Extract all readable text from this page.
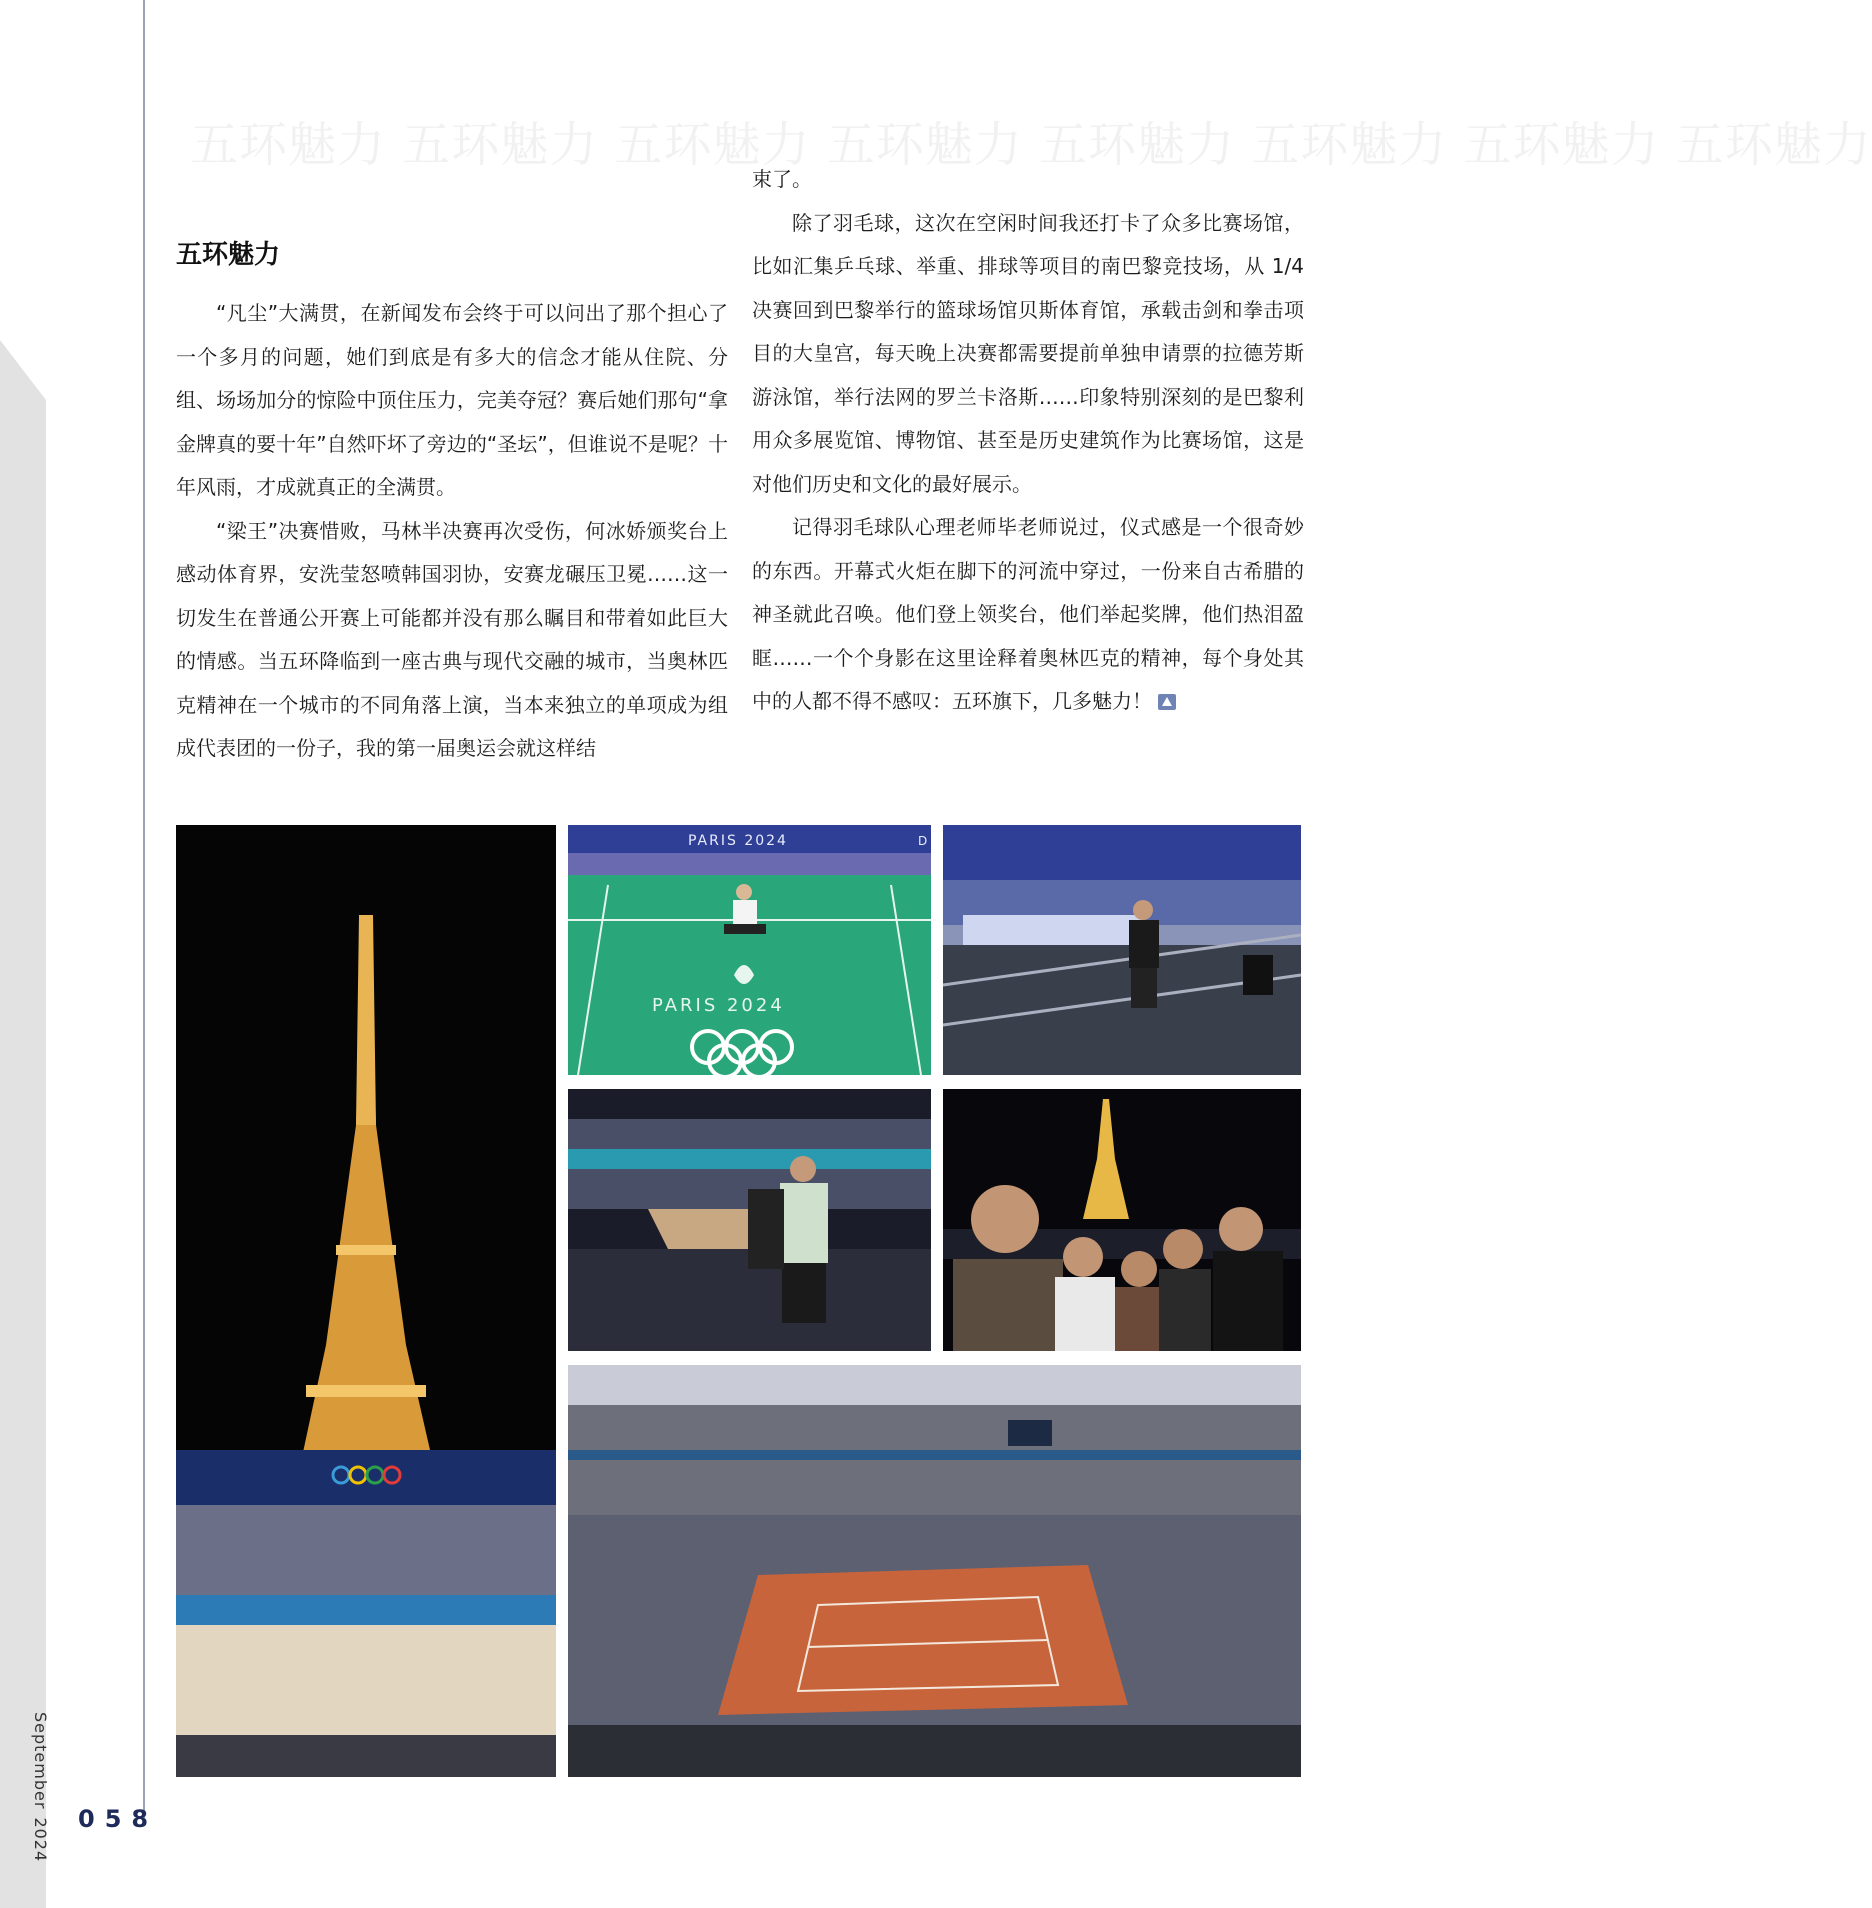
五环魅力 五环魅力 五环魅力 五环魅力 五环魅力 五环魅力 五环魅力 五环魅力
五环魅力

“凡尘”大满贯，在新闻发布会终于可以问出了那个担心了一个多月的问题，她们到底是有多大的信念才能从住院、分组、场场加分的惊险中顶住压力，完美夺冠？赛后她们那句“拿金牌真的要十年”自然吓坏了旁边的“圣坛”，但谁说不是呢？十年风雨，才成就真正的全满贯。

“梁王”决赛惜败，马林半决赛再次受伤，何冰娇颁奖台上感动体育界，安洗莹怒喷韩国羽协，安赛龙碾压卫冕……这一切发生在普通公开赛上可能都并没有那么瞩目和带着如此巨大的情感。当五环降临到一座古典与现代交融的城市，当奥林匹克精神在一个城市的不同角落上演，当本来独立的单项成为组成代表团的一份子，我的第一届奥运会就这样结

束了。

除了羽毛球，这次在空闲时间我还打卡了众多比赛场馆，比如汇集乒乓球、举重、排球等项目的南巴黎竞技场，从 1/4 决赛回到巴黎举行的篮球场馆贝斯体育馆，承载击剑和拳击项目的大皇宫，每天晚上决赛都需要提前单独申请票的拉德芳斯游泳馆，举行法网的罗兰卡洛斯……印象特别深刻的是巴黎利用众多展览馆、博物馆、甚至是历史建筑作为比赛场馆，这是对他们历史和文化的最好展示。

记得羽毛球队心理老师毕老师说过，仪式感是一个很奇妙的东西。开幕式火炬在脚下的河流中穿过，一份来自古希腊的神圣就此召唤。他们登上领奖台，他们举起奖牌，他们热泪盈眶……一个个身影在这里诠释着奥林匹克的精神，每个身处其中的人都不得不感叹：五环旗下，几多魅力！

PARIS 2024	D
PARIS 2024
September2024 058
